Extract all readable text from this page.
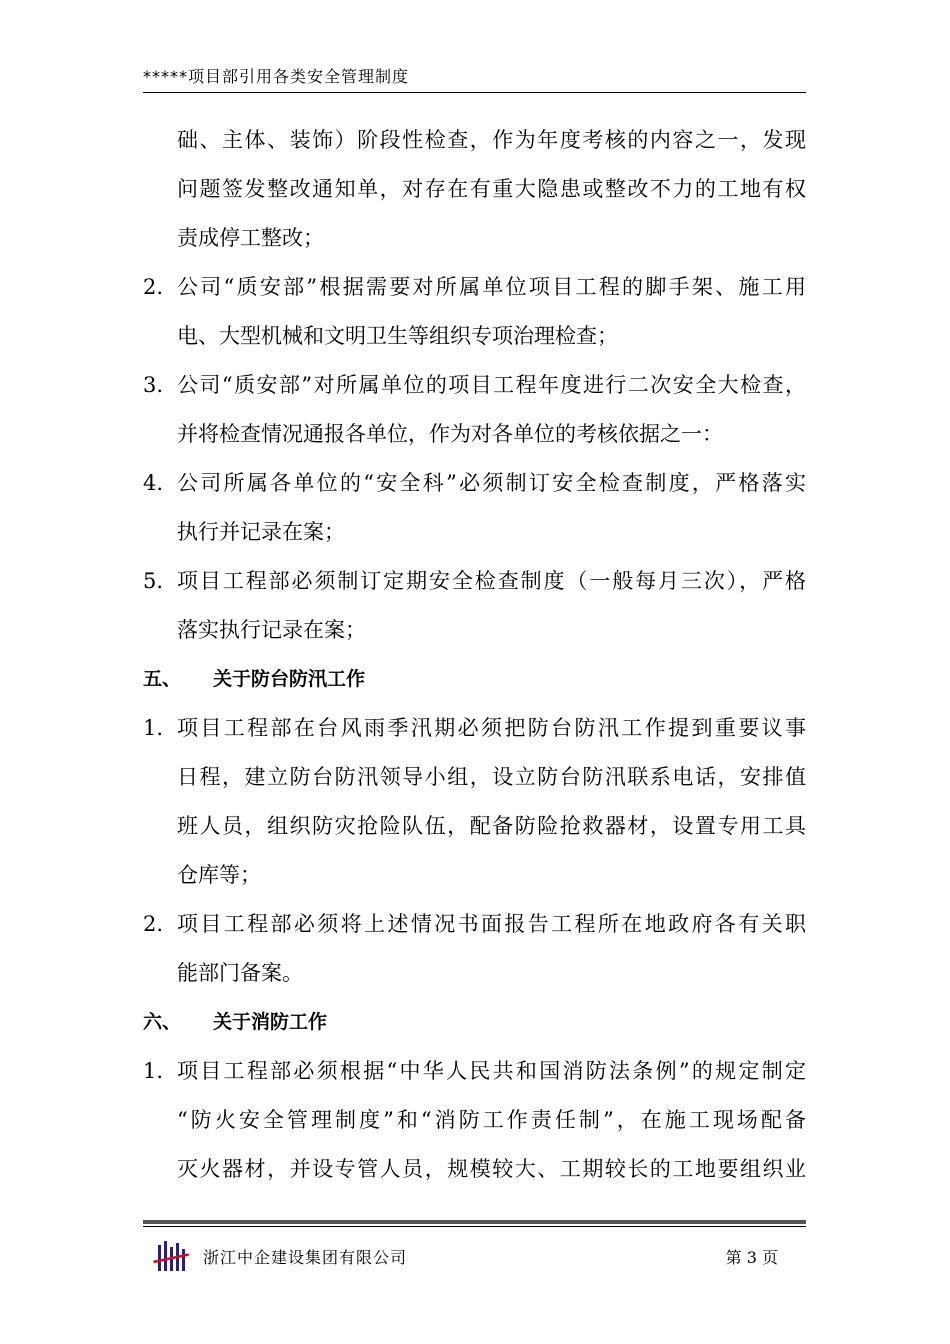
*****项目部引用各类安全管理制度

础、主体、装饰）阶段性检查，作为年度考核的内容之一，发现

问题签发整改通知单，对存在有重大隐患或整改不力的工地有权

责成停工整改；

2. 公司“质安部”根据需要对所属单位项目工程的脚手架、施工用

电、大型机械和文明卫生等组织专项治理检查；

3. 公司“质安部”对所属单位的项目工程年度进行二次安全大检查，

并将检查情况通报各单位，作为对各单位的考核依据之一：

4. 公司所属各单位的“安全科”必须制订安全检查制度，严格落实

执行并记录在案；

5. 项目工程部必须制订定期安全检查制度（一般每月三次），严格

落实执行记录在案；

五、 关于防台防汛工作

1. 项目工程部在台风雨季汛期必须把防台防汛工作提到重要议事

日程，建立防台防汛领导小组，设立防台防汛联系电话，安排值

班人员，组织防灾抢险队伍，配备防险抢救器材，设置专用工具

仓库等；

2. 项目工程部必须将上述情况书面报告工程所在地政府各有关职

能部门备案。

六、 关于消防工作

1. 项目工程部必须根据“中华人民共和国消防法条例”的规定制定

“防火安全管理制度”和“消防工作责任制”，在施工现场配备

灭火器材，并设专管人员，规模较大、工期较长的工地要组织业

浙江中企建设集团有限公司	第 3 页
